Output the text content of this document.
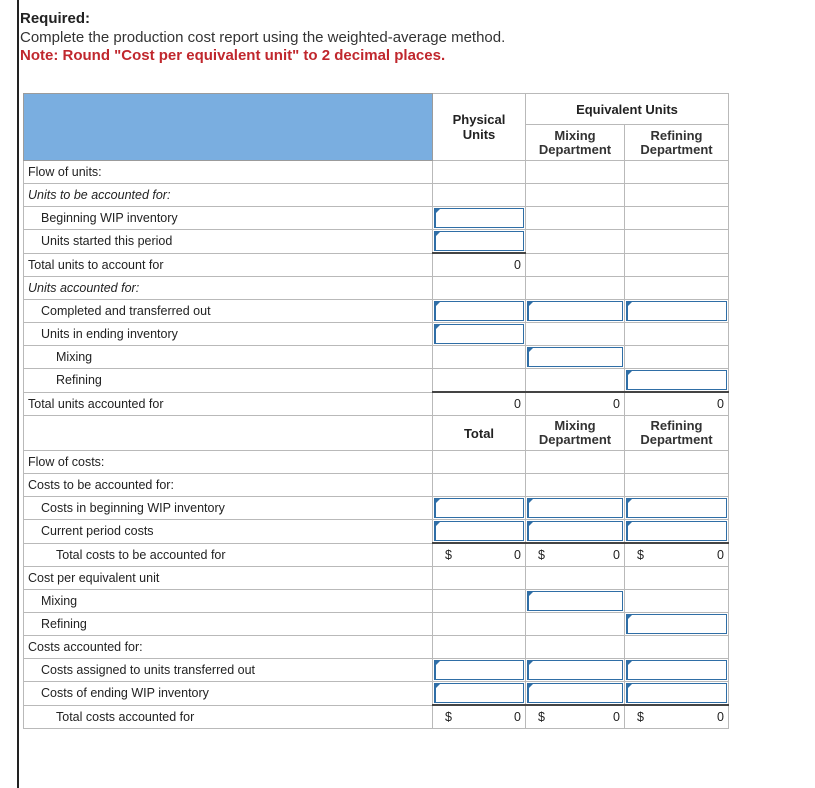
Required:
Complete the production cost report using the weighted-average method.
Note: Round "Cost per equivalent unit" to 2 decimal places.

	Physical Units	Equivalent Units	

		Mixing Department	Refining Department

Flow of units:			
Units to be accounted for:			
Beginning WIP inventory	

Units started this period	

Total units to account for	0		
Units accounted for:			
Completed and transferred out	

Units in ending inventory	

Mixing		

Refining			

Total units accounted for	0	0	0

	Total	Mixing Department	Refining Department

Flow of costs:			
Costs to be accounted for:			
Costs in beginning WIP inventory	

Current period costs	

Total costs to be accounted for	$ 0	$ 0	$ 0

Cost per equivalent unit			
Mixing		

Refining			

Costs accounted for:			
Costs assigned to units transferred out	

Costs of ending WIP inventory	

Total costs accounted for	$ 0	$ 0	$ 0
